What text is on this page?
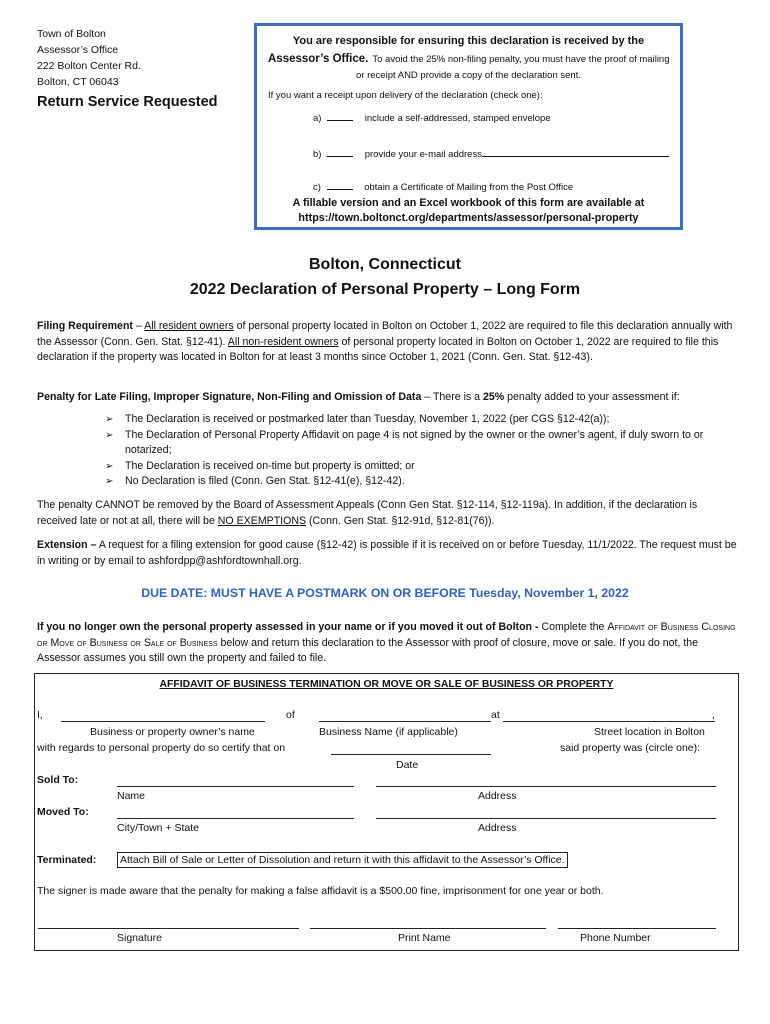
Town of Bolton
Assessor’s Office
222 Bolton Center Rd.
Bolton, CT 06043
Return Service Requested
You are responsible for ensuring this declaration is received by the
Assessor’s Office. To avoid the 25% non-filing penalty, you must have the proof of mailing
or receipt AND provide a copy of the declaration sent.
If you want a receipt upon delivery of the declaration (check one):
a)	include a self-addressed, stamped envelope
b)	provide your e-mail address
c)	obtain a Certificate of Mailing from the Post Office
A fillable version and an Excel workbook of this form are available at
https://town.boltonct.org/departments/assessor/personal-property
Bolton, Connecticut
2022 Declaration of Personal Property – Long Form
Filing Requirement – All resident owners of personal property located in Bolton on October 1, 2022 are required to file this declaration annually with the Assessor (Conn. Gen. Stat. §12-41). All non-resident owners of personal property located in Bolton on October 1, 2022 are required to file this declaration if the property was located in Bolton for at least 3 months since October 1, 2021 (Conn. Gen. Stat. §12-43).
Penalty for Late Filing, Improper Signature, Non-Filing and Omission of Data – There is a 25% penalty added to your assessment if:
➢ The Declaration is received or postmarked later than Tuesday, November 1, 2022 (per CGS §12-42(a));
➢ The Declaration of Personal Property Affidavit on page 4 is not signed by the owner or the owner’s agent, if duly sworn to or notarized;
➢ The Declaration is received on-time but property is omitted; or
➢ No Declaration is filed (Conn. Gen Stat. §12-41(e), §12-42).
The penalty CANNOT be removed by the Board of Assessment Appeals (Conn Gen Stat. §12-114, §12-119a). In addition, if the declaration is received late or not at all, there will be NO EXEMPTIONS (Conn. Gen Stat. §12-91d, §12-81(76)).
Extension – A request for a filing extension for good cause (§12-42) is possible if it is received on or before Tuesday, 11/1/2022. The request must be in writing or by email to ashfordpp@ashfordtownhall.org.
DUE DATE: MUST HAVE A POSTMARK ON OR BEFORE Tuesday, November 1, 2022
If you no longer own the personal property assessed in your name or if you moved it out of Bolton - Complete the Affidavit of Business Closing or Move of Business or Sale of Business below and return this declaration to the Assessor with proof of closure, move or sale. If you do not, the Assessor assumes you still own the property and failed to file.
AFFIDAVIT OF BUSINESS TERMINATION OR MOVE OR SALE OF BUSINESS OR PROPERTY
I,	of	at	,
Business or property owner’s name	Business Name (if applicable)	Street location in Bolton
with regards to personal property do so certify that on	said property was (circle one):
Date
Sold To:
Name	Address
Moved To:
City/Town + State	Address
Terminated: Attach Bill of Sale or Letter of Dissolution and return it with this affidavit to the Assessor’s Office.
The signer is made aware that the penalty for making a false affidavit is a $500.00 fine, imprisonment for one year or both.
Signature	Print Name	Phone Number
